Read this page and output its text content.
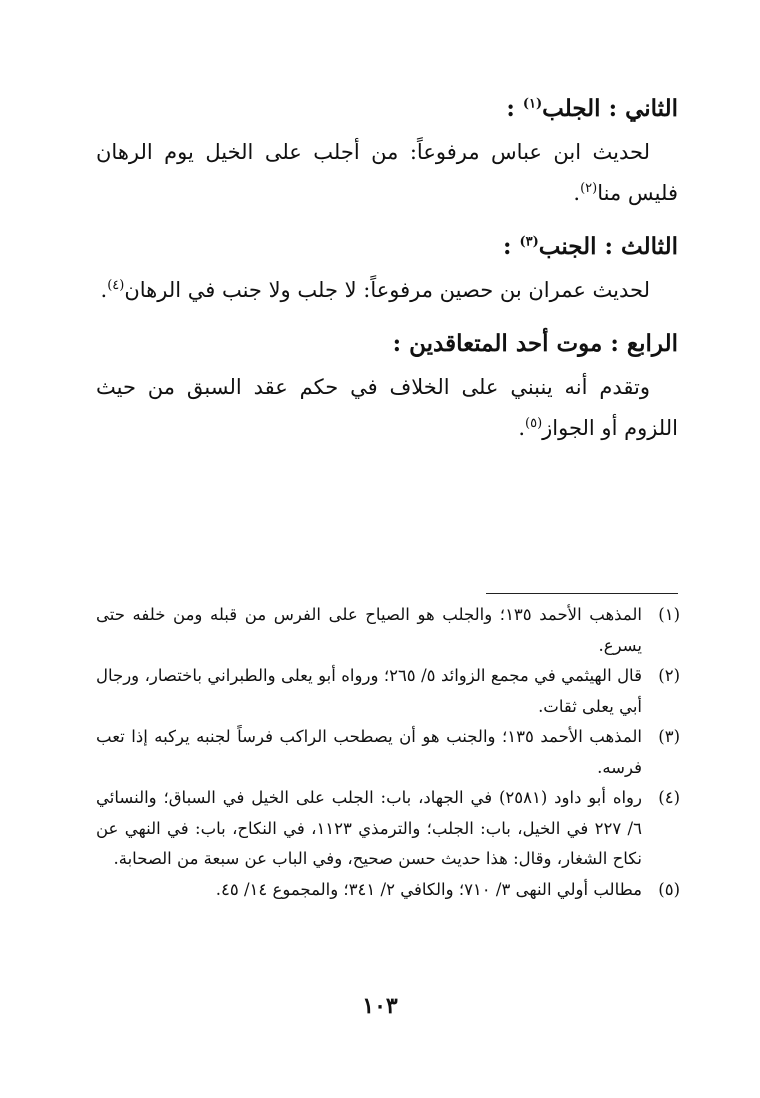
الثاني : الجلب$^{(١)}$ :

لحديث ابن عباس مرفوعاً: من أجلب على الخيل يوم الرهان فليس منا$^{(٢)}$.

الثالث : الجنب$^{(٣)}$ :

لحديث عمران بن حصين مرفوعاً: لا جلب ولا جنب في الرهان$^{(٤)}$.

الرابع : موت أحد المتعاقدين :

وتقدم أنه ينبني على الخلاف في حكم عقد السبق من حيث اللزوم أو الجواز$^{(٥)}$.

(١)
المذهب الأحمد ١٣٥؛ والجلب هو الصياح على الفرس من قبله ومن خلفه حتى يسرع.
(٢)
قال الهيثمي في مجمع الزوائد ٥/ ٢٦٥؛ ورواه أبو يعلى والطبراني باختصار، ورجال أبي يعلى ثقات.
(٣)
المذهب الأحمد ١٣٥؛ والجنب هو أن يصطحب الراكب فرساً لجنبه يركبه إذا تعب فرسه.
(٤)
رواه أبو داود (٢٥٨١) في الجهاد، باب: الجلب على الخيل في السباق؛ والنسائي ٦/ ٢٢٧ في الخيل، باب: الجلب؛ والترمذي ١١٢٣، في النكاح، باب: في النهي عن نكاح الشغار، وقال: هذا حديث حسن صحيح، وفي الباب عن سبعة من الصحابة.
(٥)
مطالب أولي النهى ٣/ ٧١٠؛ والكافي ٢/ ٣٤١؛ والمجموع ١٤/ ٤٥.
١٠٣
